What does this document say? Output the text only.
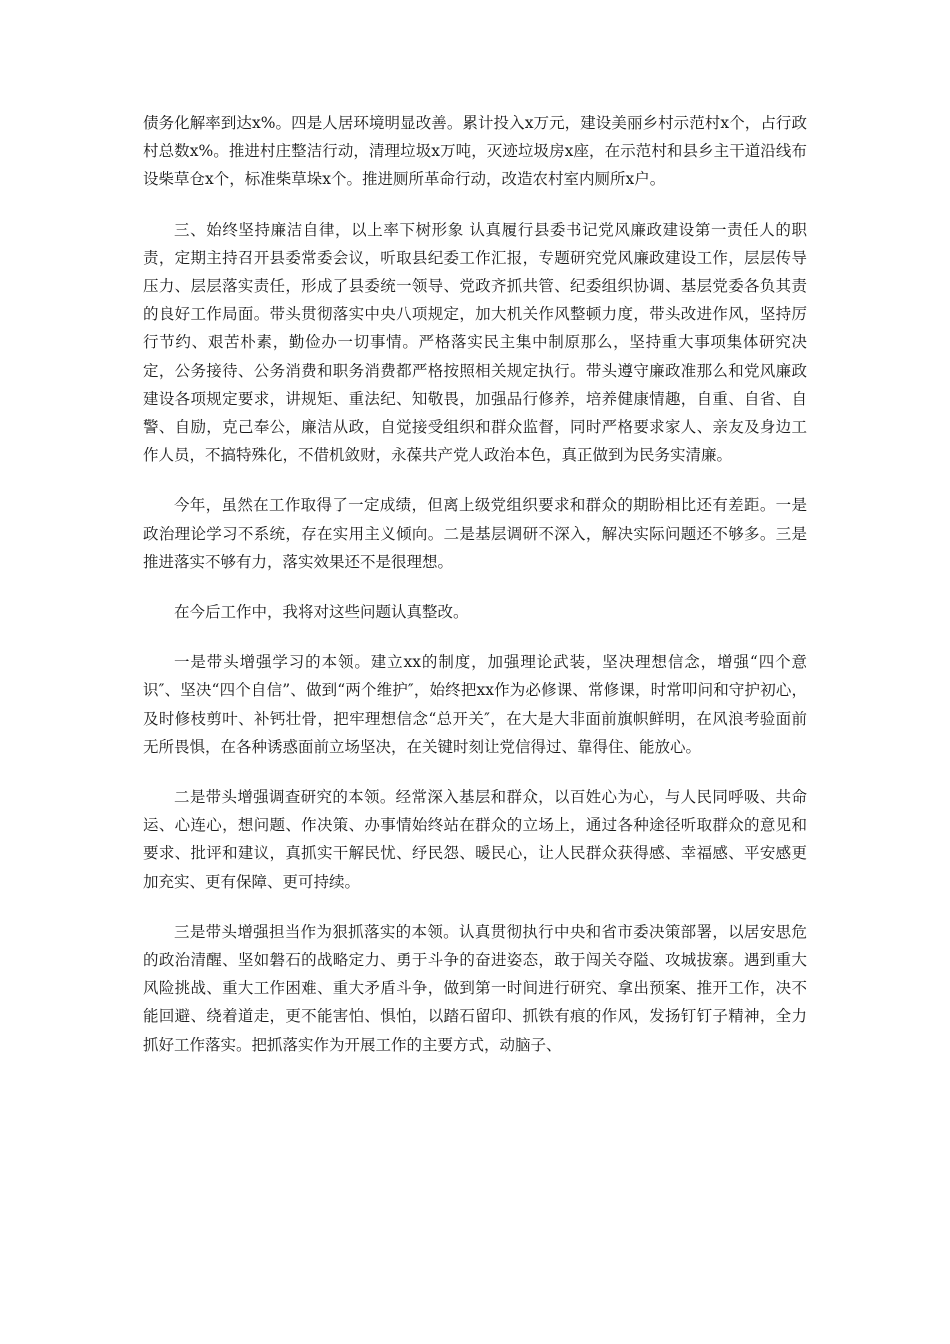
债务化解率到达x%。四是人居环境明显改善。累计投入x万元，建设美丽乡村示范村x个，占行政村总数x%。推进村庄整洁行动，清理垃圾x万吨，灭迹垃圾房x座，在示范村和县乡主干道沿线布设柴草仓x个，标准柴草垛x个。推进厕所革命行动，改造农村室内厕所x户。

三、始终坚持廉洁自律，以上率下树形象 认真履行县委书记党风廉政建设第一责任人的职责，定期主持召开县委常委会议，听取县纪委工作汇报，专题研究党风廉政建设工作，层层传导压力、层层落实责任，形成了县委统一领导、党政齐抓共管、纪委组织协调、基层党委各负其责的良好工作局面。带头贯彻落实中央八项规定，加大机关作风整顿力度，带头改进作风，坚持厉行节约、艰苦朴素，勤俭办一切事情。严格落实民主集中制原那么，坚持重大事项集体研究决定，公务接待、公务消费和职务消费都严格按照相关规定执行。带头遵守廉政准那么和党风廉政建设各项规定要求，讲规矩、重法纪、知敬畏，加强品行修养，培养健康情趣，自重、自省、自警、自励，克己奉公，廉洁从政，自觉接受组织和群众监督，同时严格要求家人、亲友及身边工作人员，不搞特殊化，不借机敛财，永葆共产党人政治本色，真正做到为民务实清廉。

今年，虽然在工作取得了一定成绩，但离上级党组织要求和群众的期盼相比还有差距。一是政治理论学习不系统，存在实用主义倾向。二是基层调研不深入，解决实际问题还不够多。三是推进落实不够有力，落实效果还不是很理想。

在今后工作中，我将对这些问题认真整改。

一是带头增强学习的本领。建立xx的制度，加强理论武装，坚决理想信念，增强“四个意识″、坚决“四个自信”、做到“两个维护″，始终把xx作为必修课、常修课，时常叩问和守护初心，及时修枝剪叶、补钙壮骨，把牢理想信念“总开关″，在大是大非面前旗帜鲜明，在风浪考验面前无所畏惧，在各种诱惑面前立场坚决，在关键时刻让党信得过、靠得住、能放心。

二是带头增强调查研究的本领。经常深入基层和群众，以百姓心为心，与人民同呼吸、共命运、心连心，想问题、作决策、办事情始终站在群众的立场上，通过各种途径听取群众的意见和要求、批评和建议，真抓实干解民忧、纾民怨、暖民心，让人民群众获得感、幸福感、平安感更加充实、更有保障、更可持续。

三是带头增强担当作为狠抓落实的本领。认真贯彻执行中央和省市委决策部署，以居安思危的政治清醒、坚如磐石的战略定力、勇于斗争的奋进姿态，敢于闯关夺隘、攻城拔寨。遇到重大风险挑战、重大工作困难、重大矛盾斗争，做到第一时间进行研究、拿出预案、推开工作，决不能回避、绕着道走，更不能害怕、惧怕，以踏石留印、抓铁有痕的作风，发扬钉钉子精神，全力抓好工作落实。把抓落实作为开展工作的主要方式，动脑子、
